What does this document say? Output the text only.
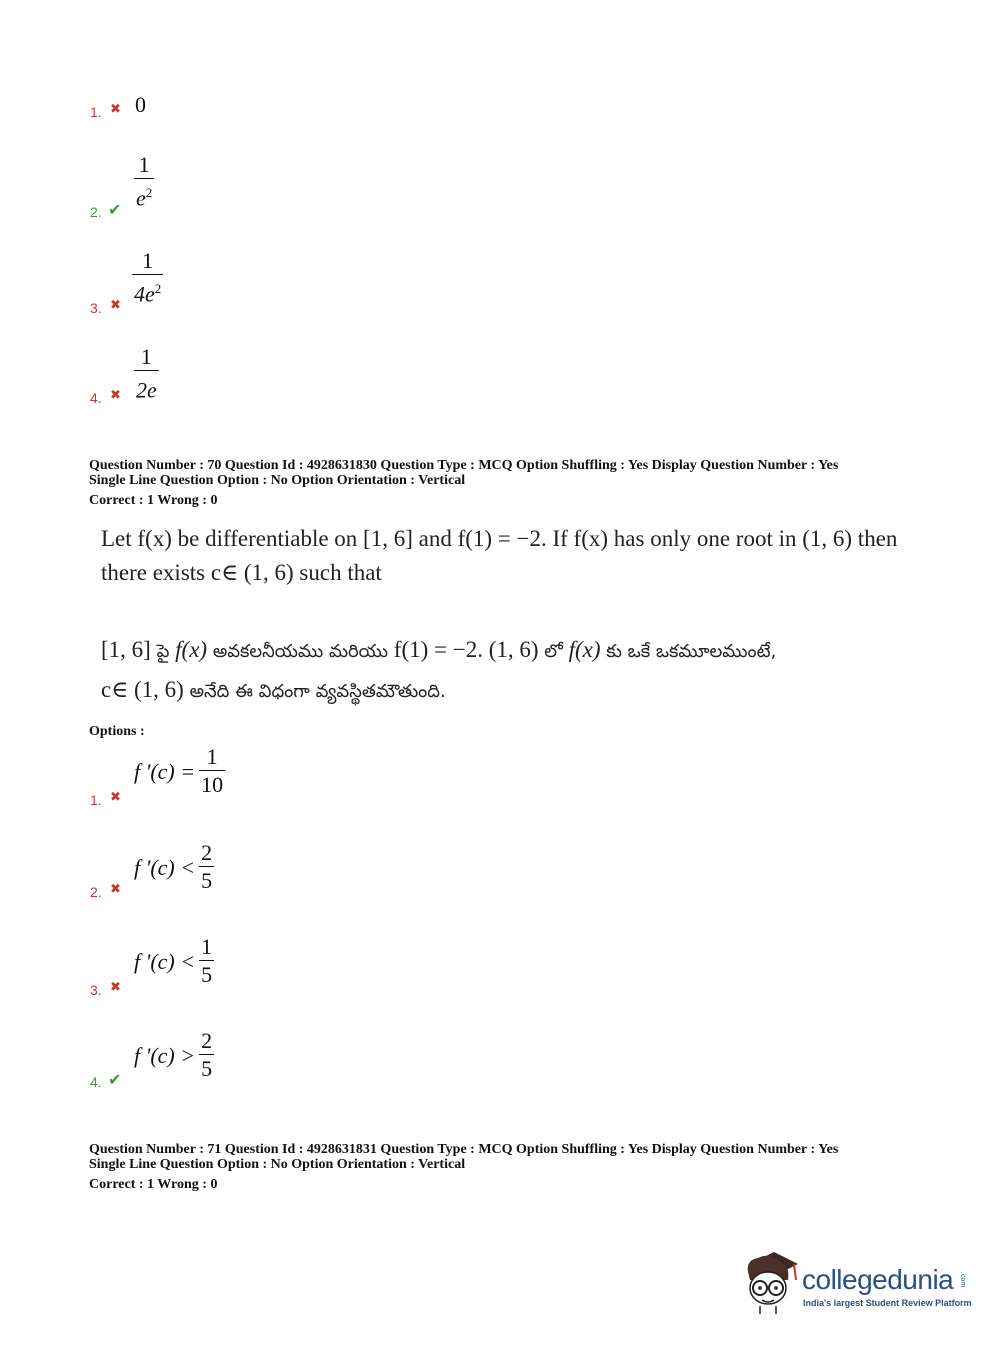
1. ✖ 0
2. ✔ $\frac{1}{e^2}$
3. ✖ $\frac{1}{4e^2}$
4. ✖ $\frac{1}{2e}$
Question Number : 70 Question Id : 4928631830 Question Type : MCQ Option Shuffling : Yes Display Question Number : Yes
Single Line Question Option : No Option Orientation : Vertical
Correct : 1 Wrong : 0
Let f(x) be differentiable on [1, 6] and f(1) = −2. If f(x) has only one root in (1, 6) then
there exists c∈ (1, 6) such that
[1, 6] పై f(x) అవకలనీయము మరియు f(1) = −2. (1, 6) లో f(x) కు ఒకే ఒకమూలముంటే,
c∈ (1, 6) అనేది ఈ విధంగా వ్యవస్థితమౌతుంది.
Options :
1. ✖
f '$(c) = \frac{1}{10}$
2. ✖
f '$(c) < \frac{2}{5}$
3. ✖
f '$(c) < \frac{1}{5}$
4. ✔
f '$(c) > \frac{2}{5}$
Question Number : 71 Question Id : 4928631831 Question Type : MCQ Option Shuffling : Yes Display Question Number : Yes
Single Line Question Option : No Option Orientation : Vertical
Correct : 1 Wrong : 0
collegedunia .com
India's largest Student Review Platform
